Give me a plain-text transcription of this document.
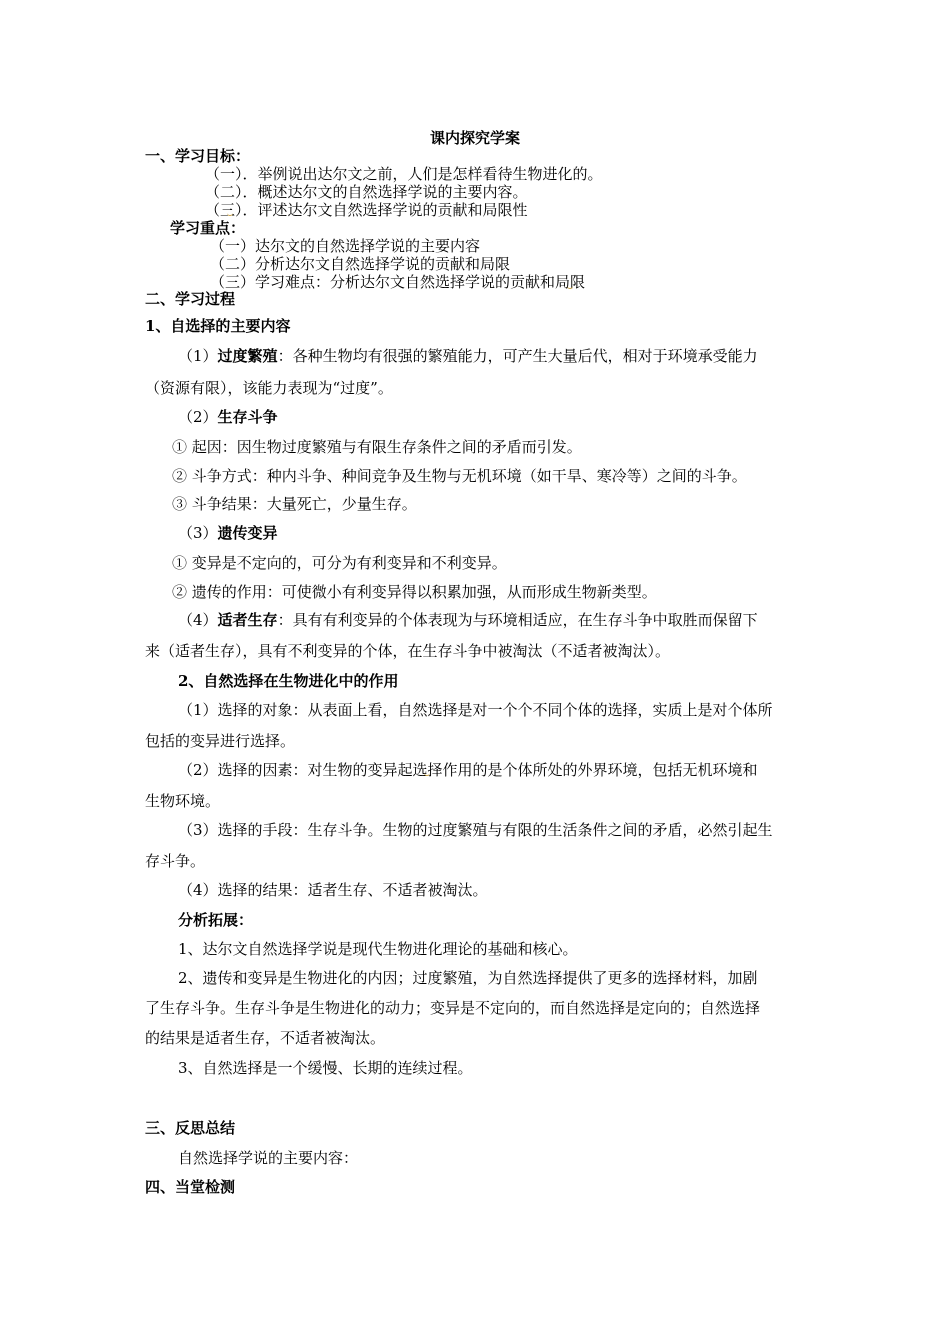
课内探究学案
一、学习目标：
（一）．举例说出达尔文之前，人们是怎样看待生物进化的。
（二）．概述达尔文的自然选择学说的主要内容。
（三）．评述达尔文自然选择学说的贡献和局限性
学习重点：
（一）达尔文的自然选择学说的主要内容
（二）分析达尔文自然选择学说的贡献和局限
（三）学习难点：分析达尔文自然选择学说的贡献和局限
二、学习过程
1、自选择的主要内容
（1）过度繁殖：各种生物均有很强的繁殖能力，可产生大量后代，相对于环境承受能力
（资源有限），该能力表现为“过度”。
（2）生存斗争
① 起因：因生物过度繁殖与有限生存条件之间的矛盾而引发。
② 斗争方式：种内斗争、种间竞争及生物与无机环境（如干旱、寒冷等）之间的斗争。
③ 斗争结果：大量死亡，少量生存。
（3）遗传变异
① 变异是不定向的，可分为有利变异和不利变异。
② 遗传的作用：可使微小有利变异得以积累加强，从而形成生物新类型。
（4）适者生存：具有有利变异的个体表现为与环境相适应，在生存斗争中取胜而保留下
来（适者生存），具有不利变异的个体，在生存斗争中被淘汰（不适者被淘汰）。
2、自然选择在生物进化中的作用
（1）选择的对象：从表面上看，自然选择是对一个个不同个体的选择，实质上是对个体所
包括的变异进行选择。
（2）选择的因素：对生物的变异起选择作用的是个体所处的外界环境，包括无机环境和
生物环境。
（3）选择的手段：生存斗争。生物的过度繁殖与有限的生活条件之间的矛盾，必然引起生
存斗争。
（4）选择的结果：适者生存、不适者被淘汰。
分析拓展：
1、达尔文自然选择学说是现代生物进化理论的基础和核心。
2、遗传和变异是生物进化的内因；过度繁殖，为自然选择提供了更多的选择材料，加剧
了生存斗争。生存斗争是生物进化的动力；变异是不定向的，而自然选择是定向的；自然选择
的结果是适者生存，不适者被淘汰。
3、自然选择是一个缓慢、长期的连续过程。
三、反思总结
自然选择学说的主要内容：
四、当堂检测
